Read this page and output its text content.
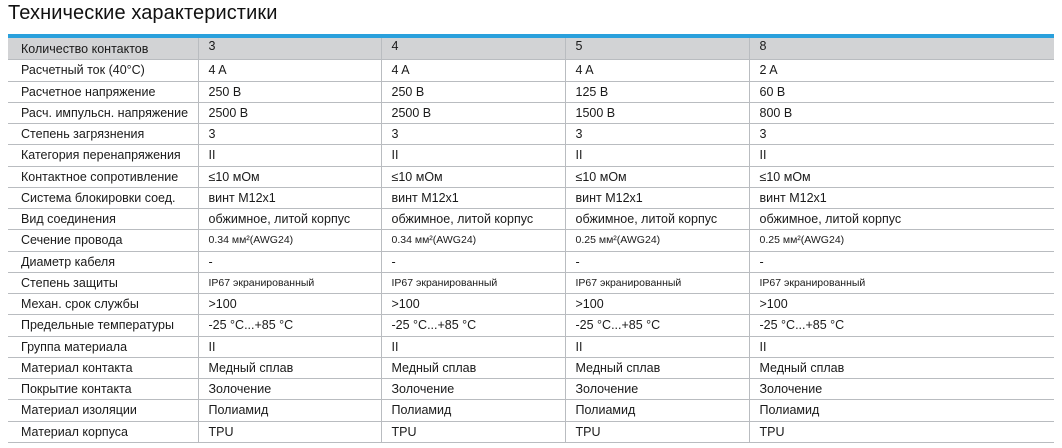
Технические характеристики
Количество контактов	3	4	5	8
Расчетный ток (40°C)	4 A	4 A	4 A	2 A
Расчетное напряжение	250 В	250 В	125 В	60 В
Расч. импульсн. напряжение	2500 В	2500 В	1500 В	800 В
Степень загрязнения	3	3	3	3
Категория перенапряжения	II	II	II	II
Контактное сопротивление	≤10 мОм	≤10 мОм	≤10 мОм	≤10 мОм
Система блокировки соед.	винт M12x1	винт M12x1	винт M12x1	винт M12x1
Вид соединения	обжимное, литой корпус	обжимное, литой корпус	обжимное, литой корпус	обжимное, литой корпус
Сечение провода	0.34 мм²(AWG24)	0.34 мм²(AWG24)	0.25 мм²(AWG24)	0.25 мм²(AWG24)
Диаметр кабеля	-	-	-	-
Степень защиты	IP67 экранированный	IP67 экранированный	IP67 экранированный	IP67 экранированный
Механ. срок службы	>100	>100	>100	>100
Предельные температуры	-25 °C...+85 °C	-25 °C...+85 °C	-25 °C...+85 °C	-25 °C...+85 °C
Группа материала	II	II	II	II
Материал контакта	Медный сплав	Медный сплав	Медный сплав	Медный сплав
Покрытие контакта	Золочение	Золочение	Золочение	Золочение
Материал изоляции	Полиамид	Полиамид	Полиамид	Полиамид
Материал корпуса	TPU	TPU	TPU	TPU
